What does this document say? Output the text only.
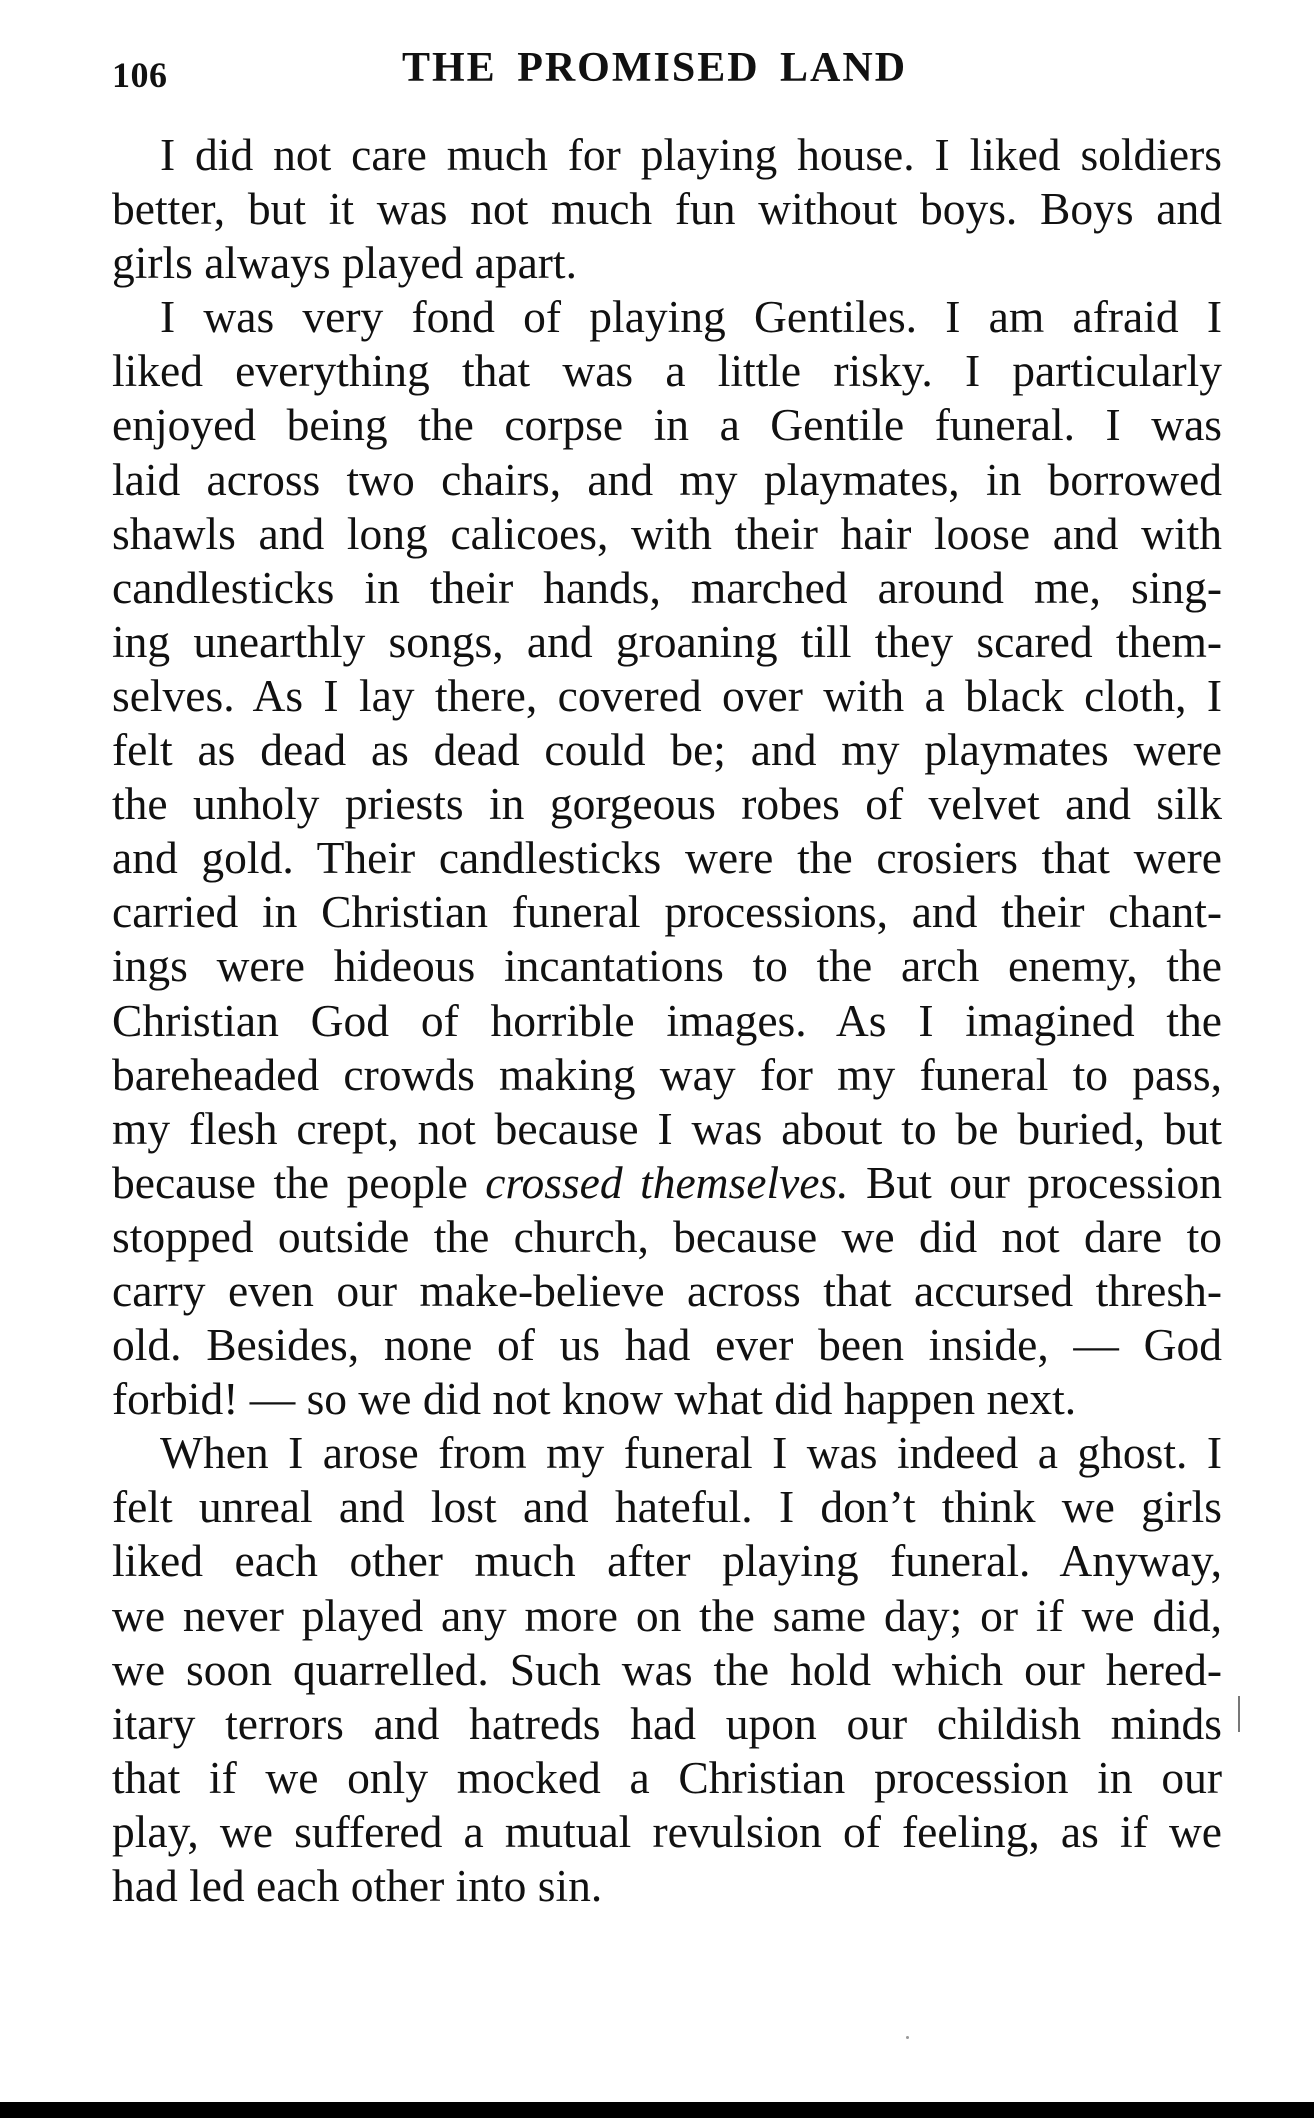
106	THE PROMISED LAND
I did not care much for playing house. I liked soldiers
better, but it was not much fun without boys. Boys and
girls always played apart.
I was very fond of playing Gentiles. I am afraid I
liked everything that was a little risky. I particularly
enjoyed being the corpse in a Gentile funeral. I was
laid across two chairs, and my playmates, in borrowed
shawls and long calicoes, with their hair loose and with
candlesticks in their hands, marched around me, sing-
ing unearthly songs, and groaning till they scared them-
selves. As I lay there, covered over with a black cloth, I
felt as dead as dead could be; and my playmates were
the unholy priests in gorgeous robes of velvet and silk
and gold. Their candlesticks were the crosiers that were
carried in Christian funeral processions, and their chant-
ings were hideous incantations to the arch enemy, the
Christian God of horrible images. As I imagined the
bareheaded crowds making way for my funeral to pass,
my flesh crept, not because I was about to be buried, but
because the people crossed themselves. But our procession
stopped outside the church, because we did not dare to
carry even our make-believe across that accursed thresh-
old. Besides, none of us had ever been inside, — God
forbid! — so we did not know what did happen next.
When I arose from my funeral I was indeed a ghost. I
felt unreal and lost and hateful. I don’t think we girls
liked each other much after playing funeral. Anyway,
we never played any more on the same day; or if we did,
we soon quarrelled. Such was the hold which our hered-
itary terrors and hatreds had upon our childish minds
that if we only mocked a Christian procession in our
play, we suffered a mutual revulsion of feeling, as if we
had led each other into sin.
